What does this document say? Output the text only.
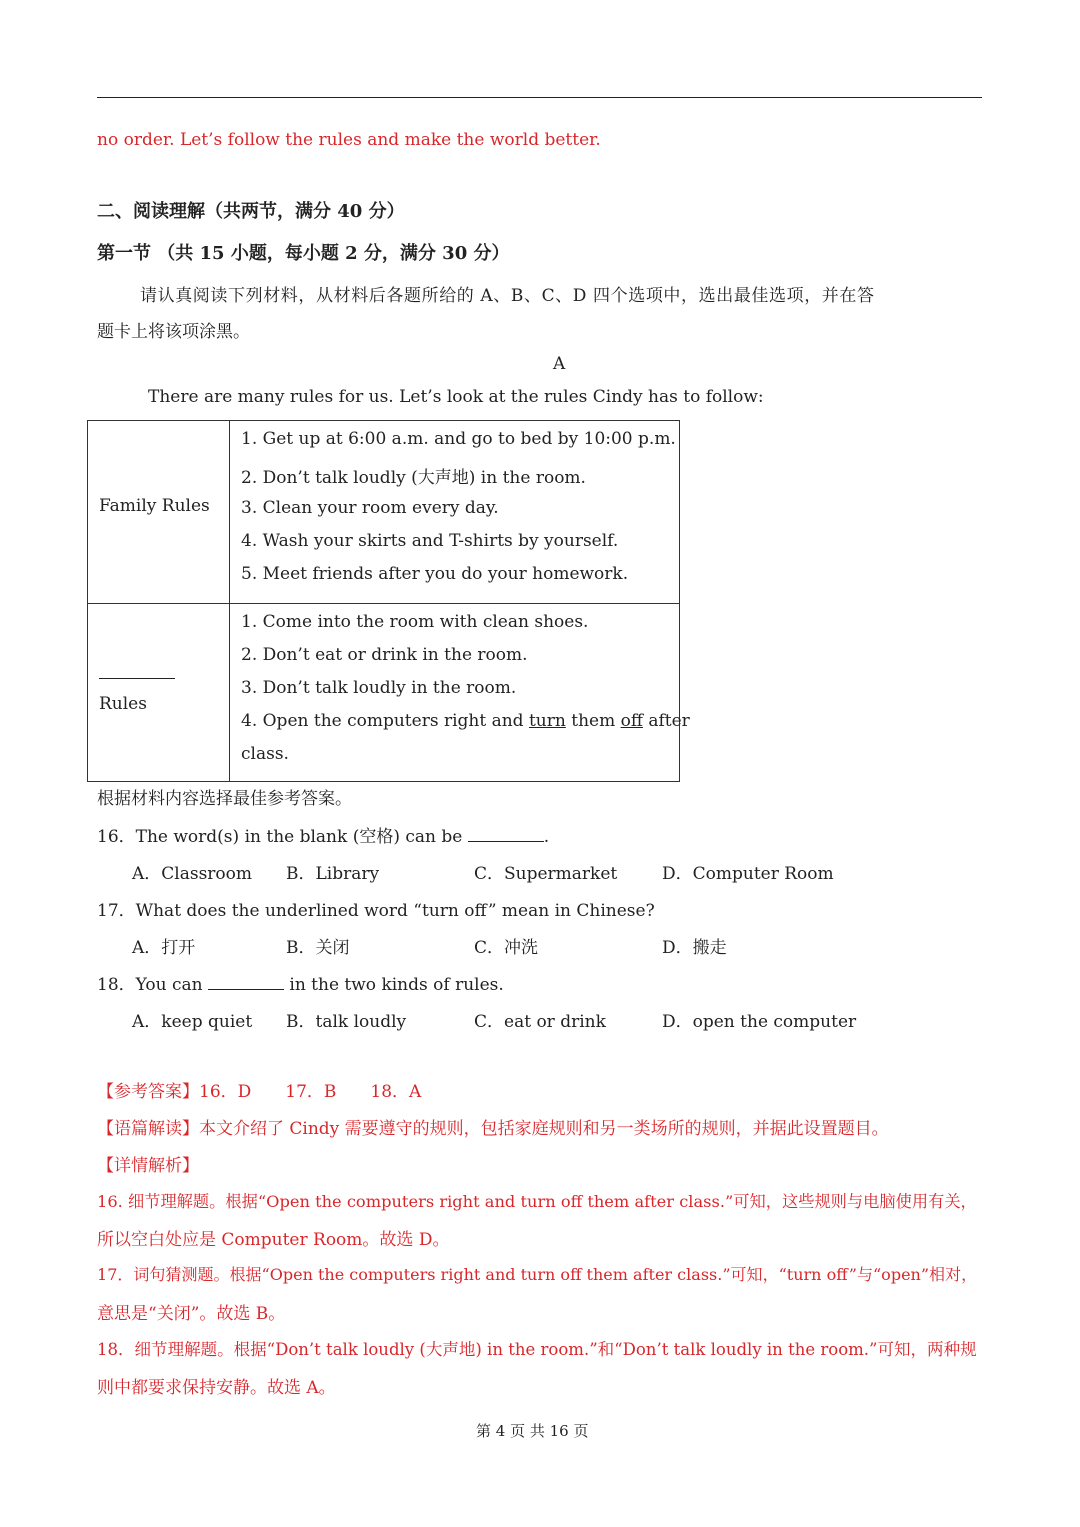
no order. Let’s follow the rules and make the world better.
二、阅读理解（共两节，满分 40 分）
第一节 （共 15 小题，每小题 2 分，满分 30 分）
请认真阅读下列材料，从材料后各题所给的 A、B、C、D 四个选项中，选出最佳选项，并在答
题卡上将该项涂黑。
A
There are many rules for us. Let’s look at the rules Cindy has to follow:
Family Rules	1. Get up at 6:00 a.m. and go to bed by 10:00 p.m.
2. Don’t talk loudly (大声地) in the room.
3. Clean your room every day.
4. Wash your skirts and T-shirts by yourself.
5. Meet friends after you do your homework.

Rules	1. Come into the room with clean shoes.
2. Don’t eat or drink in the room.
3. Don’t talk loudly in the room.
4. Open the computers right and turn them off after
class.
根据材料内容选择最佳参考答案。
16．The word(s) in the blank (空格) can be	.
A．Classroom B．Library	C．Supermarket	D．Computer Room
17．What does the underlined word “turn off” mean in Chinese?
A．打开	B．关闭	C．冲洗	D．搬走
18．You can	in the two kinds of rules.
A．keep quiet B．talk loudly	C．eat or drink	D．open the computer
【参考答案】16．D　　17．B　　18．A
【语篇解读】本文介绍了 Cindy 需要遵守的规则，包括家庭规则和另一类场所的规则，并据此设置题目。
【详情解析】
16. 细节理解题。根据“Open the computers right and turn off them after class.”可知，这些规则与电脑使用有关，
所以空白处应是 Computer Room。故选 D。
17．词句猜测题。根据“Open the computers right and turn off them after class.”可知，“turn off”与“open”相对，
意思是“关闭”。故选 B。
18．细节理解题。根据“Don’t talk loudly (大声地) in the room.”和“Don’t talk loudly in the room.”可知，两种规
则中都要求保持安静。故选 A。
第 4 页 共 16 页
